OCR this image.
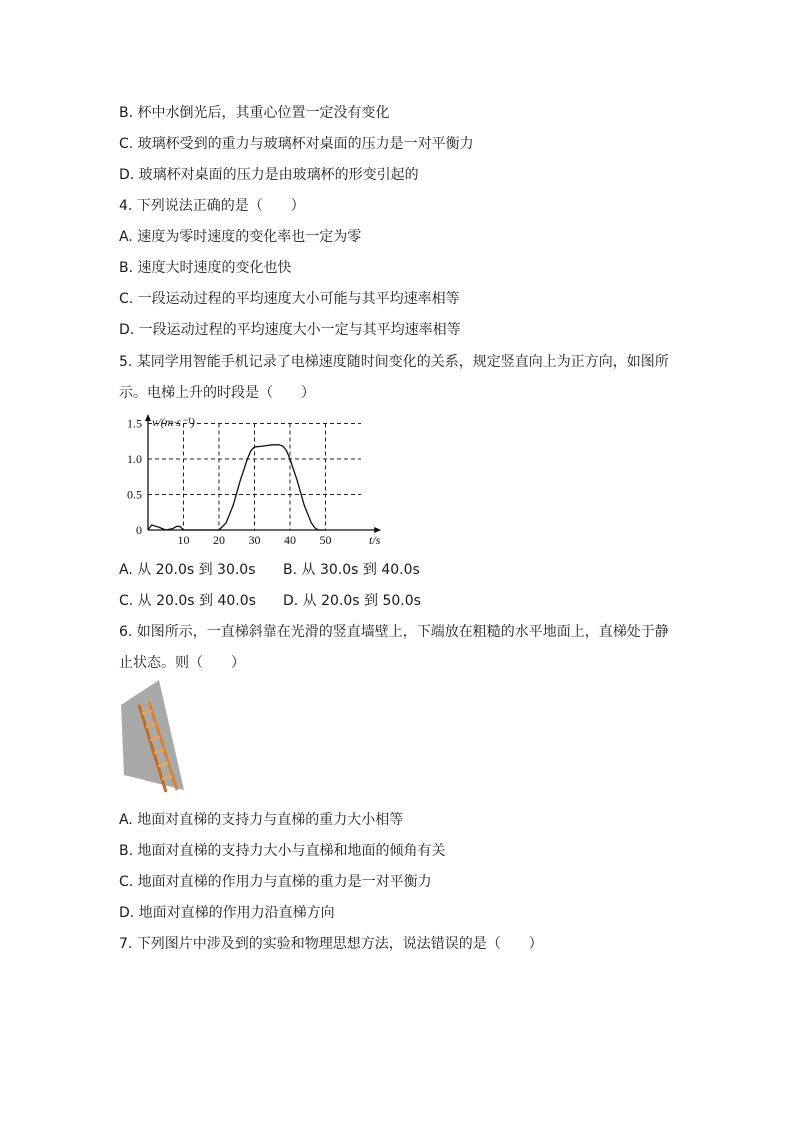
B. 杯中水倒光后，其重心位置一定没有变化
C. 玻璃杯受到的重力与玻璃杯对桌面的压力是一对平衡力
D. 玻璃杯对桌面的压力是由玻璃杯的形变引起的
4. 下列说法正确的是（　　）
A. 速度为零时速度的变化率也一定为零
B. 速度大时速度的变化也快
C. 一段运动过程的平均速度大小可能与其平均速率相等
D. 一段运动过程的平均速度大小一定与其平均速率相等
5. 某同学用智能手机记录了电梯速度随时间变化的关系，规定竖直向上为正方向，如图所
示。电梯上升的时段是（　　）
0
0.5
1.0
1.5
10 20 30 40 50
v/(m·s⁻¹)
t/s
A. 从 20.0s 到 30.0s B. 从 30.0s 到 40.0s
C. 从 20.0s 到 40.0s D. 从 20.0s 到 50.0s
6. 如图所示，一直梯斜靠在光滑的竖直墙壁上，下端放在粗糙的水平地面上，直梯处于静
止状态。则（　　）
A. 地面对直梯的支持力与直梯的重力大小相等
B. 地面对直梯的支持力大小与直梯和地面的倾角有关
C. 地面对直梯的作用力与直梯的重力是一对平衡力
D. 地面对直梯的作用力沿直梯方向
7. 下列图片中涉及到的实验和物理思想方法，说法错误的是（　　）
